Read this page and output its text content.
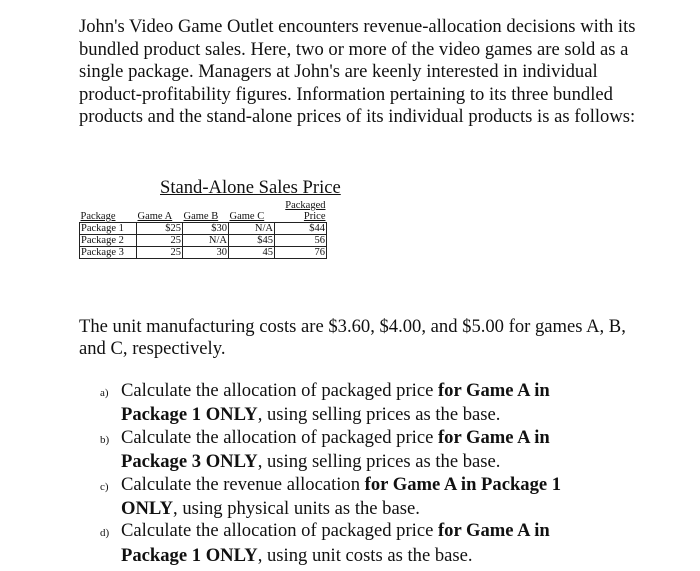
John's Video Game Outlet encounters revenue-allocation decisions with its bundled product sales. Here, two or more of the video games are sold as a single package. Managers at John's are keenly interested in individual product-profitability figures. Information pertaining to its three bundled products and the stand-alone prices of its individual products is as follows:

Stand-Alone Sales Price
Package	Game A	Game B	Game C	Packaged
Price
Package 1	$25	$30	N/A	$44
Package 2	25	N/A	$45	56
Package 3	25	30	45	76

The unit manufacturing costs are $3.60, $4.00, and $5.00 for games A, B, and C, respectively.

a) Calculate the allocation of packaged price for Game A in Package 1 ONLY, using selling prices as the base.
b) Calculate the allocation of packaged price for Game A in Package 3 ONLY, using selling prices as the base.
c) Calculate the revenue allocation for Game A in Package 1 ONLY, using physical units as the base.
d) Calculate the allocation of packaged price for Game A in Package 1 ONLY, using unit costs as the base.
